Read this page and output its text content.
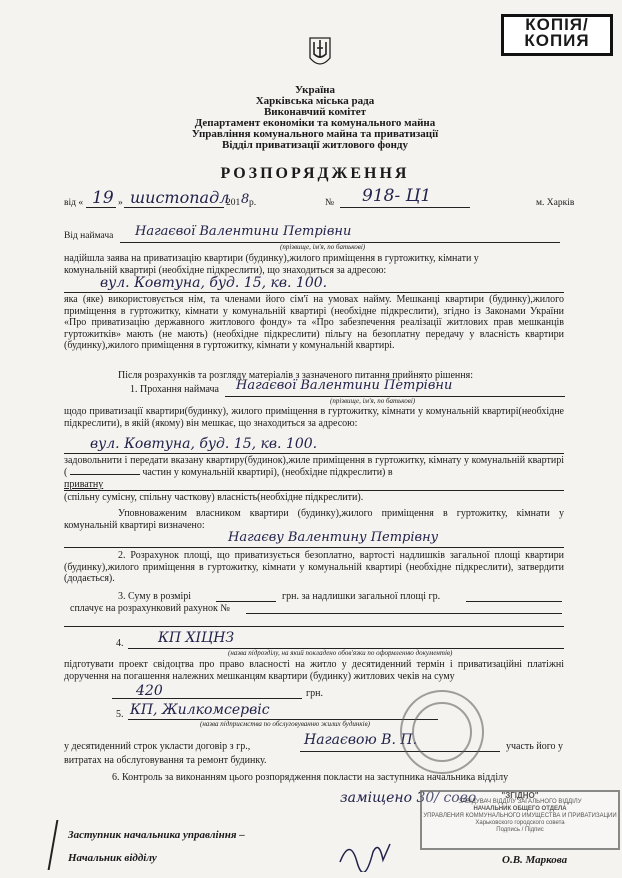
КОПІЯ/
КОПИЯ
Україна
Харківська міська рада
Виконавчий комітет
Департамент економіки та комунального майна
Управління комунального майна та приватизації
Відділ приватизації житлового фонду
РОЗПОРЯДЖЕННЯ
від « 19 » шистопадл
201 8 р.	№ 918- Ц1	м. Харків
Від наймача Нагаєвої Валентини Петрівни
(прізвище, ім'я, по батькові)
надійшла заява на приватизацію квартири (будинку),жилого приміщення в гуртожитку, кімнати у
комунальній квартирі (необхідне підкреслити), що знаходиться за адресою:
вул. Ковтуна, буд. 15, кв. 100.
яка (яке) використовується нім, та членами його сім'ї на умовах найму. Мешканці квартири (будинку),жилого приміщення в гуртожитку, кімнати у комунальній квартирі (необхідне підкреслити), згідно із Законами України «Про приватизацію державного житлового фонду» та «Про забезпечення реалізації житлових прав мешканців гуртожитків» мають (не мають) (необхідне підкреслити) пільгу на безоплатну передачу у власність квартири (будинку),жилого приміщення в гуртожитку, кімнати у комунальній квартирі.
Після розрахунків та розгляду матеріалів з зазначеного питання прийнято рішення:
1. Прохання наймача Нагаєвої Валентини Петрівни
(прізвище, ім'я, по батькові)
щодо приватизації квартири(будинку), жилого приміщення в гуртожитку, кімнати у комунальній квартирі(необхідне підкреслити), в якій (якому) він мешкає, що знаходиться за адресою:
вул. Ковтуна, буд. 15, кв. 100.
задовольнити і передати вказану квартиру(будинок),жиле приміщення в гуртожитку, кімнату у комунальній квартирі (	частин у комунальній квартирі), (необхідне підкреслити) в
приватну
(спільну сумісну, спільну часткову) власність(необхідне підкреслити).
Уповноваженим власником квартири (будинку),жилого приміщення в гуртожитку, кімнати у комунальній квартирі визначено:
Нагаєву Валентину Петрівну
2. Розрахунок площі, що приватизується безоплатно, вартості надлишків загальної площі квартири (будинку),жилого приміщення в гуртожитку, кімнати у комунальній квартирі (необхідне підкреслити), затвердити (додається).
3. Суму в розмірі	грн. за надлишки загальної площі гр.
сплачує на розрахунковий рахунок №
4. КП ХІЦНЗ
(назва підрозділу, на який покладено обов'язки по оформленню документів)
підготувати проект свідоцтва про право власності на житло у десятиденний термін і приватизаційні платіжні доручення на погашення належних мешканцям квартири (будинку) житлових чеків на суму
420	грн.
5. КП, Жилкомсервіс
(назва підприємства по обслуговуванню жилих будинків)
у десятиденний строк укласти договір з гр.,	Нагаєвою В. П.	участь його у
витратах на обслуговування та ремонт будинку.
6. Контроль за виконанням цього розпорядження покласти на заступника начальника відділу
заміщено 30/ сово	"ЗГІДНО"
ЗАВІДУВАЧ ВІДДІЛУ ЗАГАЛЬНОГО ВІДДІЛУ
НАЧАЛЬНИК ОБЩЕГО ОТДЕЛА
УПРАВЛЕНИЯ КОММУНАЛЬНОГО ИМУЩЕСТВА И ПРИВАТИЗАЦИИ
Харьковского городского совета
Подпись / Підпис
Заступник начальника управління –
Начальник відділу	О.В. Маркова
